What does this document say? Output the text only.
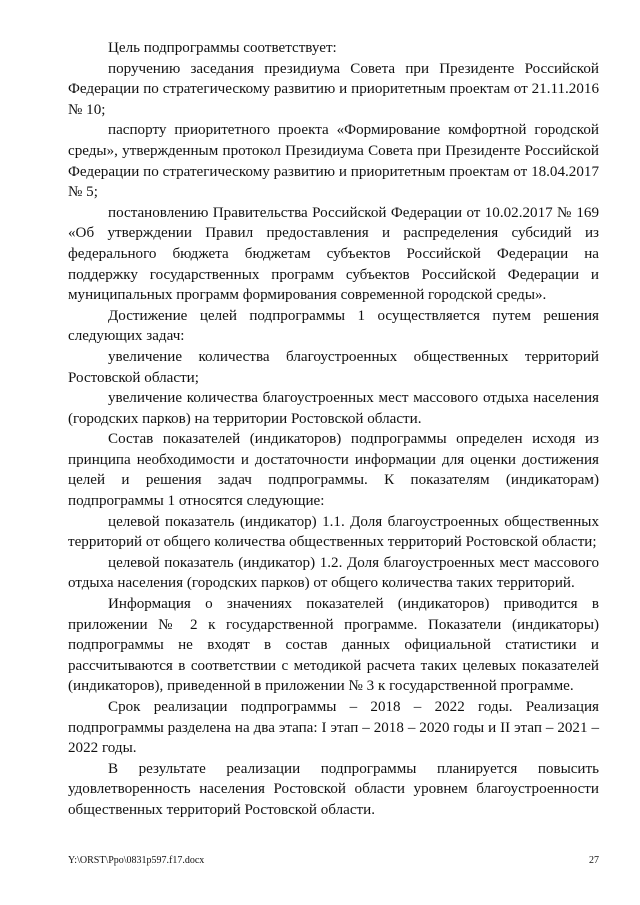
Цель подпрограммы соответствует:

поручению заседания президиума Совета при Президенте Российской Федерации по стратегическому развитию и приоритетным проектам от 21.11.2016 № 10;

паспорту приоритетного проекта «Формирование комфортной городской среды», утвержденным протокол Президиума Совета при Президенте Российской Федерации по стратегическому развитию и приоритетным проектам от 18.04.2017 № 5;

постановлению Правительства Российской Федерации от 10.02.2017 № 169 «Об утверждении Правил предоставления и распределения субсидий из федерального бюджета бюджетам субъектов Российской Федерации на поддержку государственных программ субъектов Российской Федерации и муниципальных программ формирования современной городской среды».

Достижение целей подпрограммы 1 осуществляется путем решения следующих задач:

увеличение количества благоустроенных общественных территорий Ростовской области;

увеличение количества благоустроенных мест массового отдыха населения (городских парков) на территории Ростовской области.

Состав показателей (индикаторов) подпрограммы определен исходя из принципа необходимости и достаточности информации для оценки достижения целей и решения задач подпрограммы. К показателям (индикаторам) подпрограммы 1 относятся следующие:

целевой показатель (индикатор) 1.1. Доля благоустроенных общественных территорий от общего количества общественных территорий Ростовской области;

целевой показатель (индикатор) 1.2. Доля благоустроенных мест массового отдыха населения (городских парков) от общего количества таких территорий.

Информация о значениях показателей (индикаторов) приводится в приложении № 2 к государственной программе. Показатели (индикаторы) подпрограммы не входят в состав данных официальной статистики и рассчитываются в соответствии с методикой расчета таких целевых показателей (индикаторов), приведенной в приложении № 3 к государственной программе.

Срок реализации подпрограммы – 2018 – 2022 годы. Реализация подпрограммы разделена на два этапа: I этап – 2018 – 2020 годы и II этап – 2021 – 2022 годы.

В результате реализации подпрограммы планируется повысить удовлетворенность населения Ростовской области уровнем благоустроенности общественных территорий Ростовской области.

Y:\ORST\Ppo\0831p597.f17.docx	27
